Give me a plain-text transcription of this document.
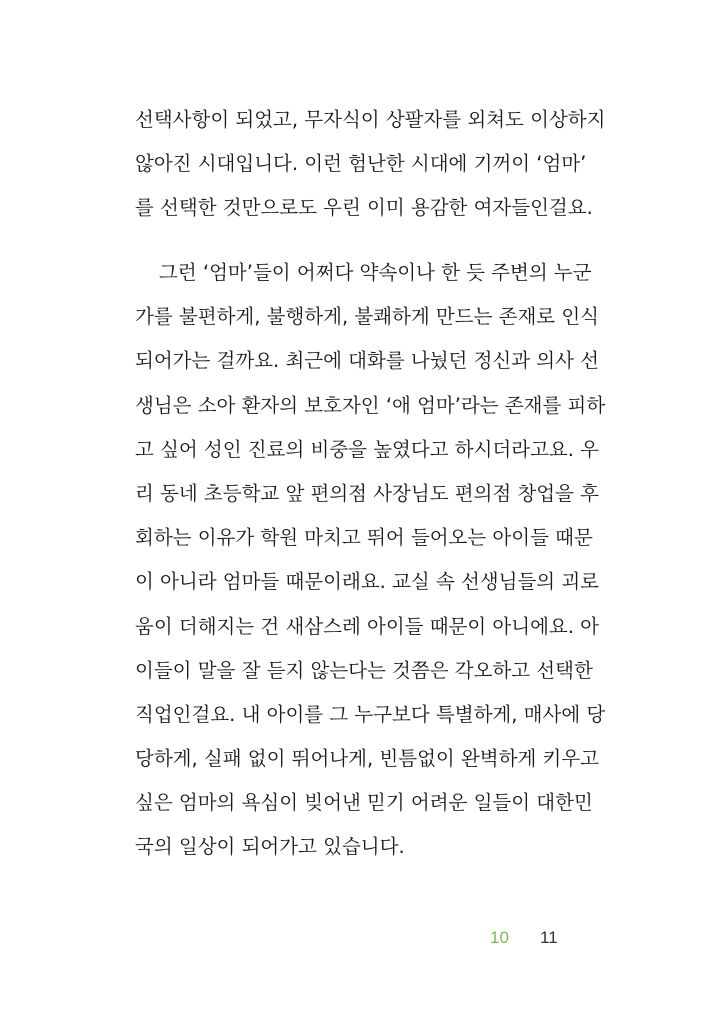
선택사항이 되었고, 무자식이 상팔자를 외쳐도 이상하지
않아진 시대입니다. 이런 험난한 시대에 기꺼이 ‘엄마’
를 선택한 것만으로도 우린 이미 용감한 여자들인걸요.
그런 ‘엄마’들이 어쩌다 약속이나 한 듯 주변의 누군
가를 불편하게, 불행하게, 불쾌하게 만드는 존재로 인식
되어가는 걸까요. 최근에 대화를 나눴던 정신과 의사 선
생님은 소아 환자의 보호자인 ‘애 엄마’라는 존재를 피하
고 싶어 성인 진료의 비중을 높였다고 하시더라고요. 우
리 동네 초등학교 앞 편의점 사장님도 편의점 창업을 후
회하는 이유가 학원 마치고 뛰어 들어오는 아이들 때문
이 아니라 엄마들 때문이래요. 교실 속 선생님들의 괴로
움이 더해지는 건 새삼스레 아이들 때문이 아니에요. 아
이들이 말을 잘 듣지 않는다는 것쯤은 각오하고 선택한
직업인걸요. 내 아이를 그 누구보다 특별하게, 매사에 당
당하게, 실패 없이 뛰어나게, 빈틈없이 완벽하게 키우고
싶은 엄마의 욕심이 빚어낸 믿기 어려운 일들이 대한민
국의 일상이 되어가고 있습니다.
10 11
